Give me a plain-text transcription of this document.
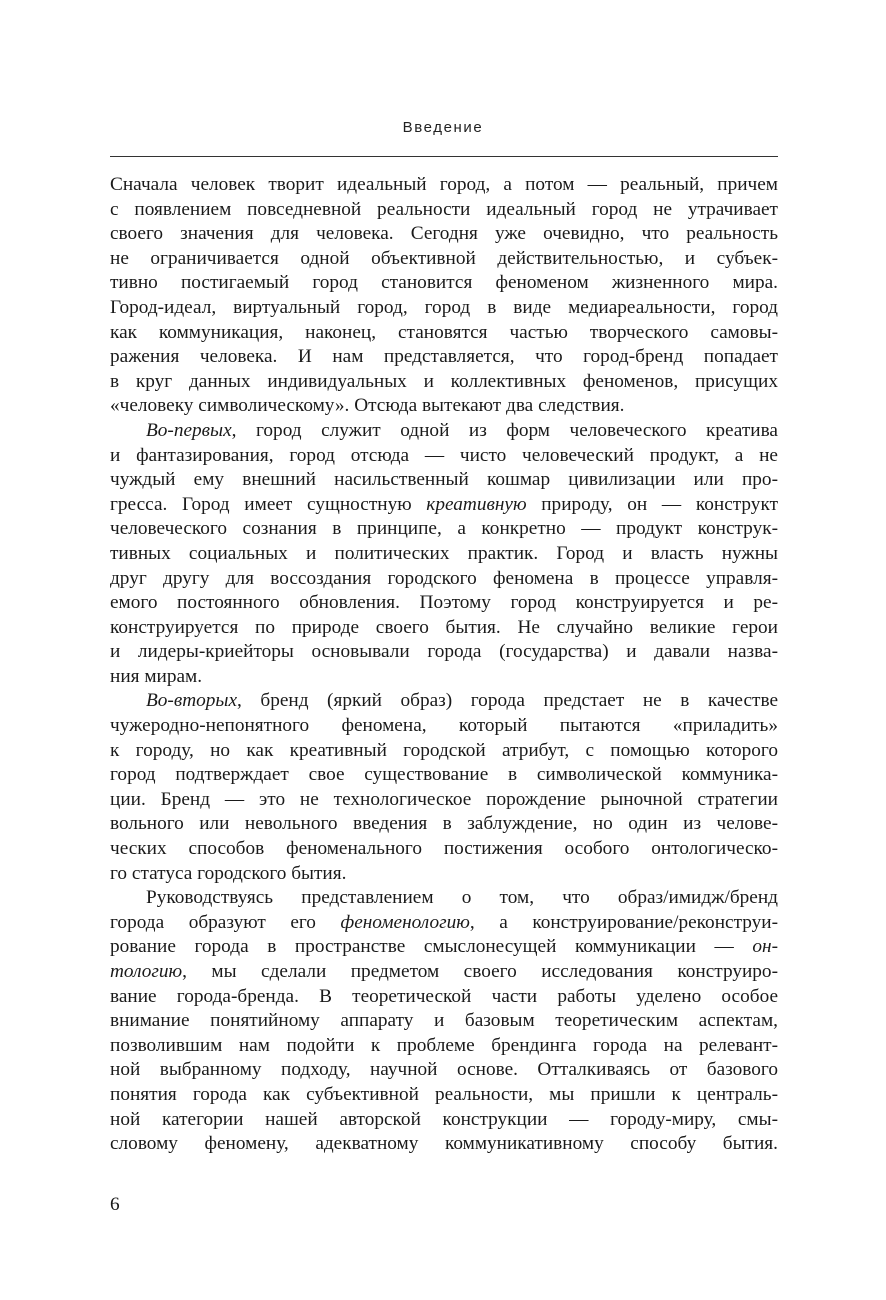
Введение
Сначала человек творит идеальный город, а потом — реальный, причем
с появлением повседневной реальности идеальный город не утрачивает
своего значения для человека. Сегодня уже очевидно, что реальность
не ограничивается одной объективной действительностью, и субъек-
тивно постигаемый город становится феноменом жизненного мира.
Город-идеал, виртуальный город, город в виде медиареальности, город
как коммуникация, наконец, становятся частью творческого самовы-
ражения человека. И нам представляется, что город-бренд попадает
в круг данных индивидуальных и коллективных феноменов, присущих
«человеку символическому». Отсюда вытекают два следствия.
Во-первых, город служит одной из форм человеческого креатива
и фантазирования, город отсюда — чисто человеческий продукт, а не
чуждый ему внешний насильственный кошмар цивилизации или про-
гресса. Город имеет сущностную креативную природу, он — конструкт
человеческого сознания в принципе, а конкретно — продукт конструк-
тивных социальных и политических практик. Город и власть нужны
друг другу для воссоздания городского феномена в процессе управля-
емого постоянного обновления. Поэтому город конструируется и ре-
конструируется по природе своего бытия. Не случайно великие герои
и лидеры-криейторы основывали города (государства) и давали назва-
ния мирам.
Во-вторых, бренд (яркий образ) города предстает не в качестве
чужеродно-непонятного феномена, который пытаются «приладить»
к городу, но как креативный городской атрибут, с помощью которого
город подтверждает свое существование в символической коммуника-
ции. Бренд — это не технологическое порождение рыночной стратегии
вольного или невольного введения в заблуждение, но один из челове-
ческих способов феноменального постижения особого онтологическо-
го статуса городского бытия.
Руководствуясь представлением о том, что образ/имидж/бренд
города образуют его феноменологию, а конструирование/реконструи-
рование города в пространстве смыслонесущей коммуникации — он-
тологию, мы сделали предметом своего исследования конструиро-
вание города-бренда. В теоретической части работы уделено особое
внимание понятийному аппарату и базовым теоретическим аспектам,
позволившим нам подойти к проблеме брендинга города на релевант-
ной выбранному подходу, научной основе. Отталкиваясь от базового
понятия города как субъективной реальности, мы пришли к централь-
ной категории нашей авторской конструкции — городу-миру, смы-
словому феномену, адекватному коммуникативному способу бытия.
6
